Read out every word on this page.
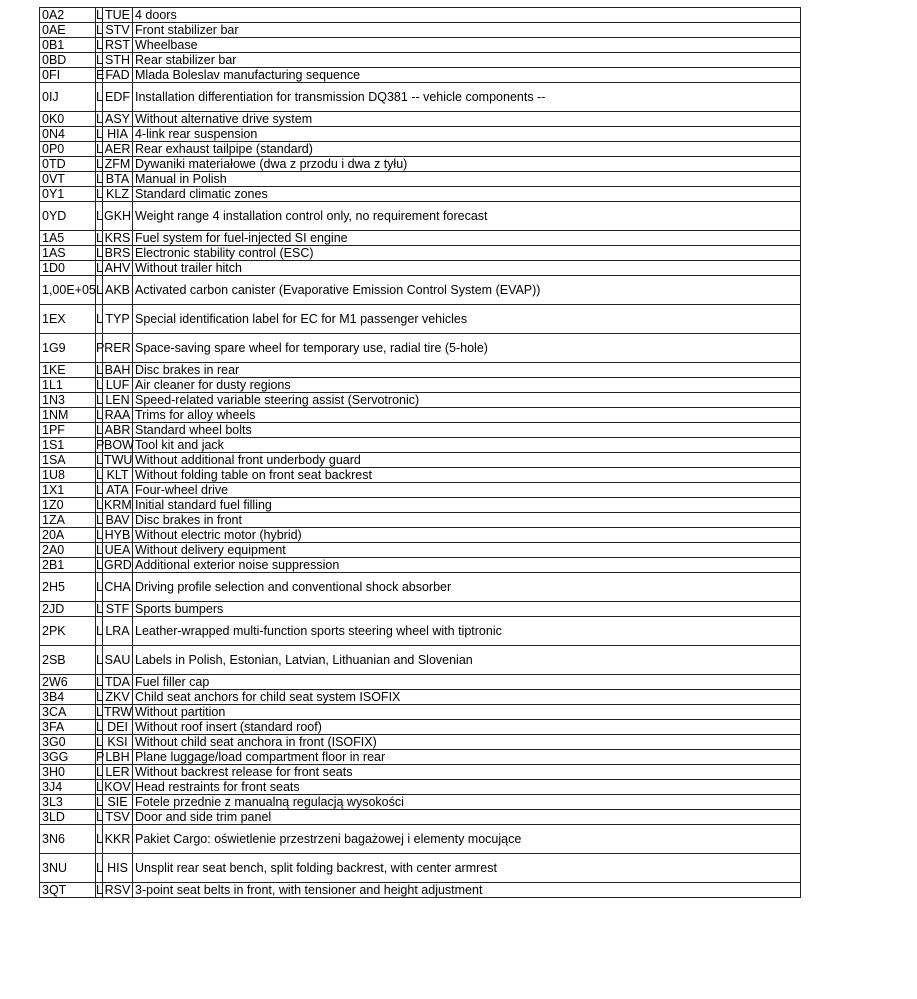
0A2	L	TUE	4 doors
0AE	L	STV	Front stabilizer bar
0B1	L	RST	Wheelbase
0BD	L	STH	Rear stabilizer bar
0FI	E	FAD	Mlada Boleslav manufacturing sequence
0IJ	L	EDF	Installation differentiation for transmission DQ381 -- vehicle components --
0K0	L	ASY	Without alternative drive system
0N4	L	HIA	4-link rear suspension
0P0	L	AER	Rear exhaust tailpipe (standard)
0TD	L	ZFM	Dywaniki materiałowe (dwa z przodu i dwa z tyłu)
0VT	L	BTA	Manual in Polish
0Y1	L	KLZ	Standard climatic zones
0YD	L	GKH	Weight range 4 installation control only, no requirement forecast
1A5	L	KRS	Fuel system for fuel-injected SI engine
1AS	L	BRS	Electronic stability control (ESC)
1D0	L	AHV	Without trailer hitch
1,00E+05	L	AKB	Activated carbon canister (Evaporative Emission Control System (EVAP))
1EX	L	TYP	Special identification label for EC for M1 passenger vehicles
1G9	P	RER	Space-saving spare wheel for temporary use, radial tire (5-hole)
1KE	L	BAH	Disc brakes in rear
1L1	L	LUF	Air cleaner for dusty regions
1N3	L	LEN	Speed-related variable steering assist (Servotronic)
1NM	L	RAA	Trims for alloy wheels
1PF	L	ABR	Standard wheel bolts
1S1	P	BOW	Tool kit and jack
1SA	L	TWU	Without additional front underbody guard
1U8	L	KLT	Without folding table on front seat backrest
1X1	L	ATA	Four-wheel drive
1Z0	L	KRM	Initial standard fuel filling
1ZA	L	BAV	Disc brakes in front
20A	L	HYB	Without electric motor (hybrid)
2A0	L	UEA	Without delivery equipment
2B1	L	GRD	Additional exterior noise suppression
2H5	L	CHA	Driving profile selection and conventional shock absorber
2JD	L	STF	Sports bumpers
2PK	L	LRA	Leather-wrapped multi-function sports steering wheel with tiptronic
2SB	L	SAU	Labels in Polish, Estonian, Latvian, Lithuanian and Slovenian
2W6	L	TDA	Fuel filler cap
3B4	L	ZKV	Child seat anchors for child seat system ISOFIX
3CA	L	TRW	Without partition
3FA	L	DEI	Without roof insert (standard roof)
3G0	L	KSI	Without child seat anchora in front (ISOFIX)
3GG	P	LBH	Plane luggage/load compartment floor in rear
3H0	L	LER	Without backrest release for front seats
3J4	L	KOV	Head restraints for front seats
3L3	L	SIE	Fotele przednie z manualną regulacją wysokości
3LD	L	TSV	Door and side trim panel
3N6	L	KKR	Pakiet Cargo: oświetlenie przestrzeni bagażowej i elementy mocujące
3NU	L	HIS	Unsplit rear seat bench, split folding backrest, with center armrest
3QT	L	RSV	3-point seat belts in front, with tensioner and height adjustment
